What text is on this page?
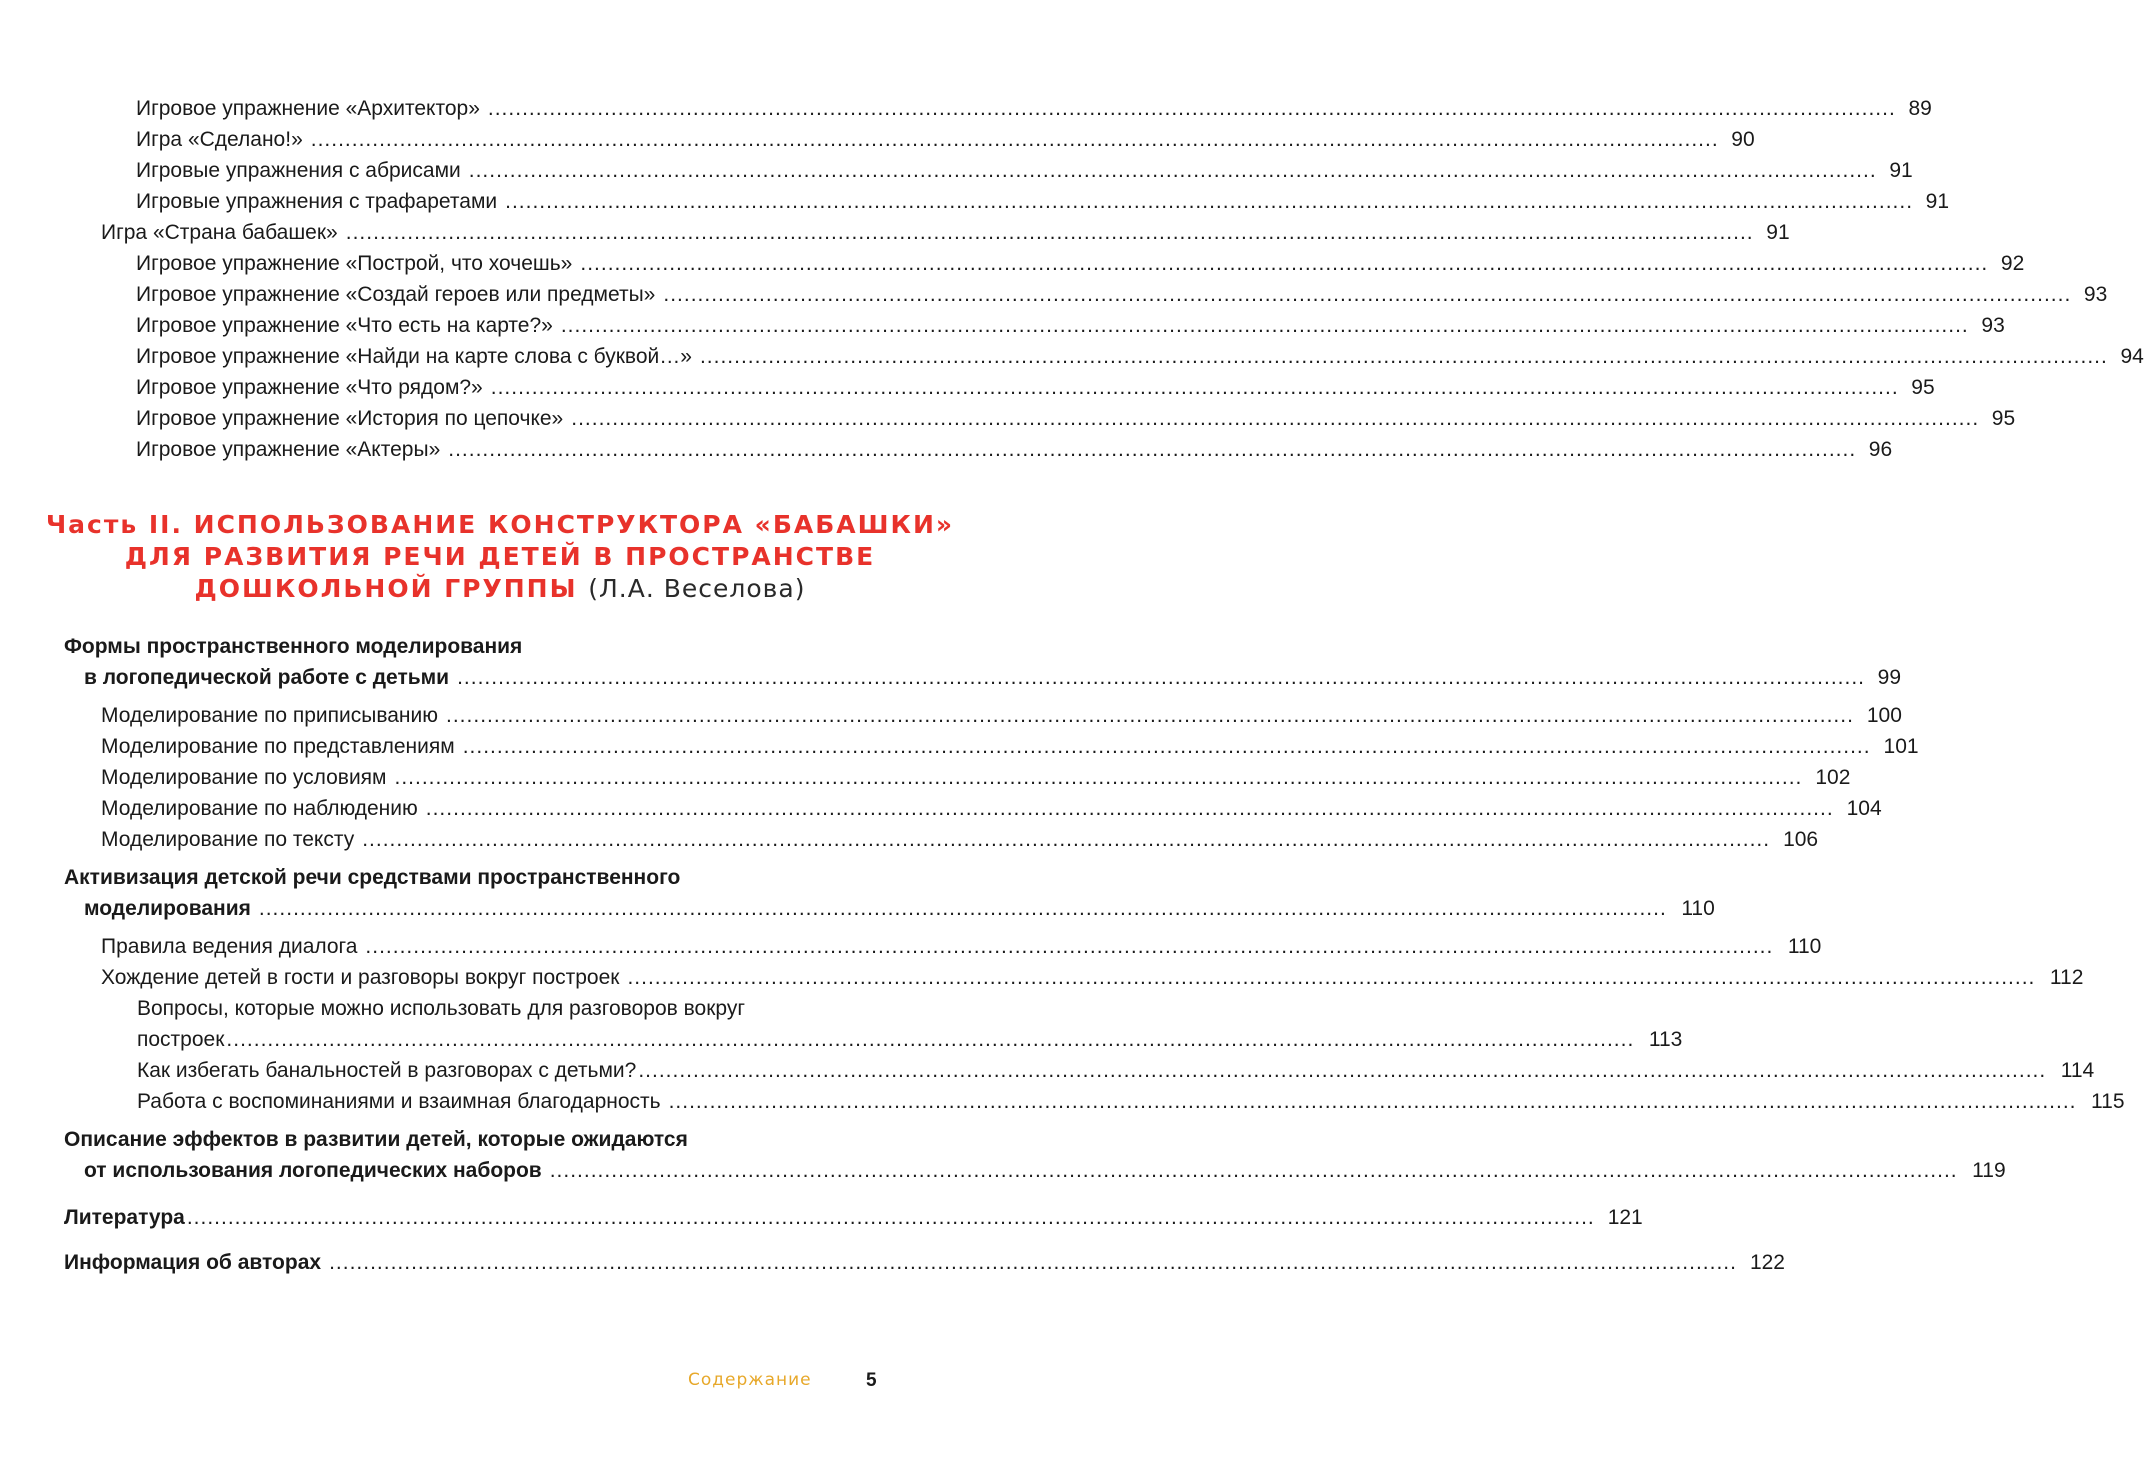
Игровое упражнение «Архитектор» .....	89
Игра «Сделано!» .....	90
Игровые упражнения с абрисами .....	91
Игровые упражнения с трафаретами .....	91
Игра «Страна бабашек» .....	91
Игровое упражнение «Построй, что хочешь» .....	92
Игровое упражнение «Создай героев или предметы» .....	93
Игровое упражнение «Что есть на карте?» .....	93
Игровое упражнение «Найди на карте слова с буквой…» .....	94
Игровое упражнение «Что рядом?» .....	95
Игровое упражнение «История по цепочке» .....	95
Игровое упражнение «Актеры» .....	96
Часть II. ИСПОЛЬЗОВАНИЕ КОНСТРУКТОРА «БАБАШКИ»
ДЛЯ РАЗВИТИЯ РЕЧИ ДЕТЕЙ В ПРОСТРАНСТВЕ
ДОШКОЛЬНОЙ ГРУППЫ (Л.А. Веселова)
Формы пространственного моделирования
в логопедической работе с детьми .....	99
Моделирование по приписыванию .....	100
Моделирование по представлениям .....	101
Моделирование по условиям .....	102
Моделирование по наблюдению .....	104
Моделирование по тексту .....	106
Активизация детской речи средствами пространственного
моделирования .....	110
Правила ведения диалога .....	110
Хождение детей в гости и разговоры вокруг построек .....	112
Вопросы, которые можно использовать для разговоров вокруг
построек .....	113
Как избегать банальностей в разговорах с детьми? .....	114
Работа с воспоминаниями и взаимная благодарность .....	115
Описание эффектов в развитии детей, которые ожидаются
от использования логопедических наборов .....	119
Литература .....	121
Информация об авторах .....	122
Содержание	5
